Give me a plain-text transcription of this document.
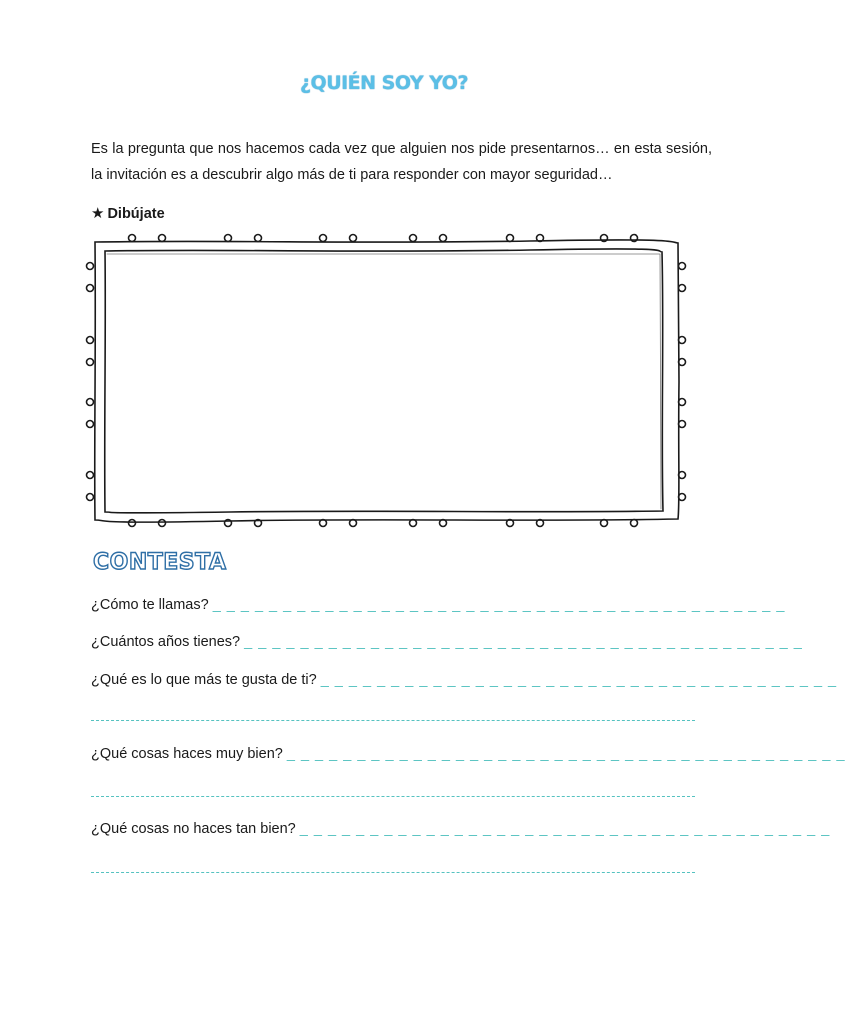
¿QUIÉN SOY YO?

Es la pregunta que nos hacemos cada vez que alguien nos pide presentarnos… en esta sesión, la invitación es a descubrir algo más de ti para responder con mayor seguridad…

★ Dibújate
CONTESTA
¿Cómo te llamas? _ _ _ _ _ _ _ _ _ _ _ _ _ _ _ _ _ _ _ _ _ _ _ _ _ _ _ _ _ _ _ _ _ _ _ _ _ _ _ _ _
¿Cuántos años tienes? _ _ _ _ _ _ _ _ _ _ _ _ _ _ _ _ _ _ _ _ _ _ _ _ _ _ _ _ _ _ _ _ _ _ _ _ _ _ _ _
¿Qué es lo que más te gusta de ti? _ _ _ _ _ _ _ _ _ _ _ _ _ _ _ _ _ _ _ _ _ _ _ _ _ _ _ _ _ _ _ _ _ _ _ _ _
¿Qué cosas haces muy bien? _ _ _ _ _ _ _ _ _ _ _ _ _ _ _ _ _ _ _ _ _ _ _ _ _ _ _ _ _ _ _ _ _ _ _ _ _ _ _ _
¿Qué cosas no haces tan bien? _ _ _ _ _ _ _ _ _ _ _ _ _ _ _ _ _ _ _ _ _ _ _ _ _ _ _ _ _ _ _ _ _ _ _ _ _ _
